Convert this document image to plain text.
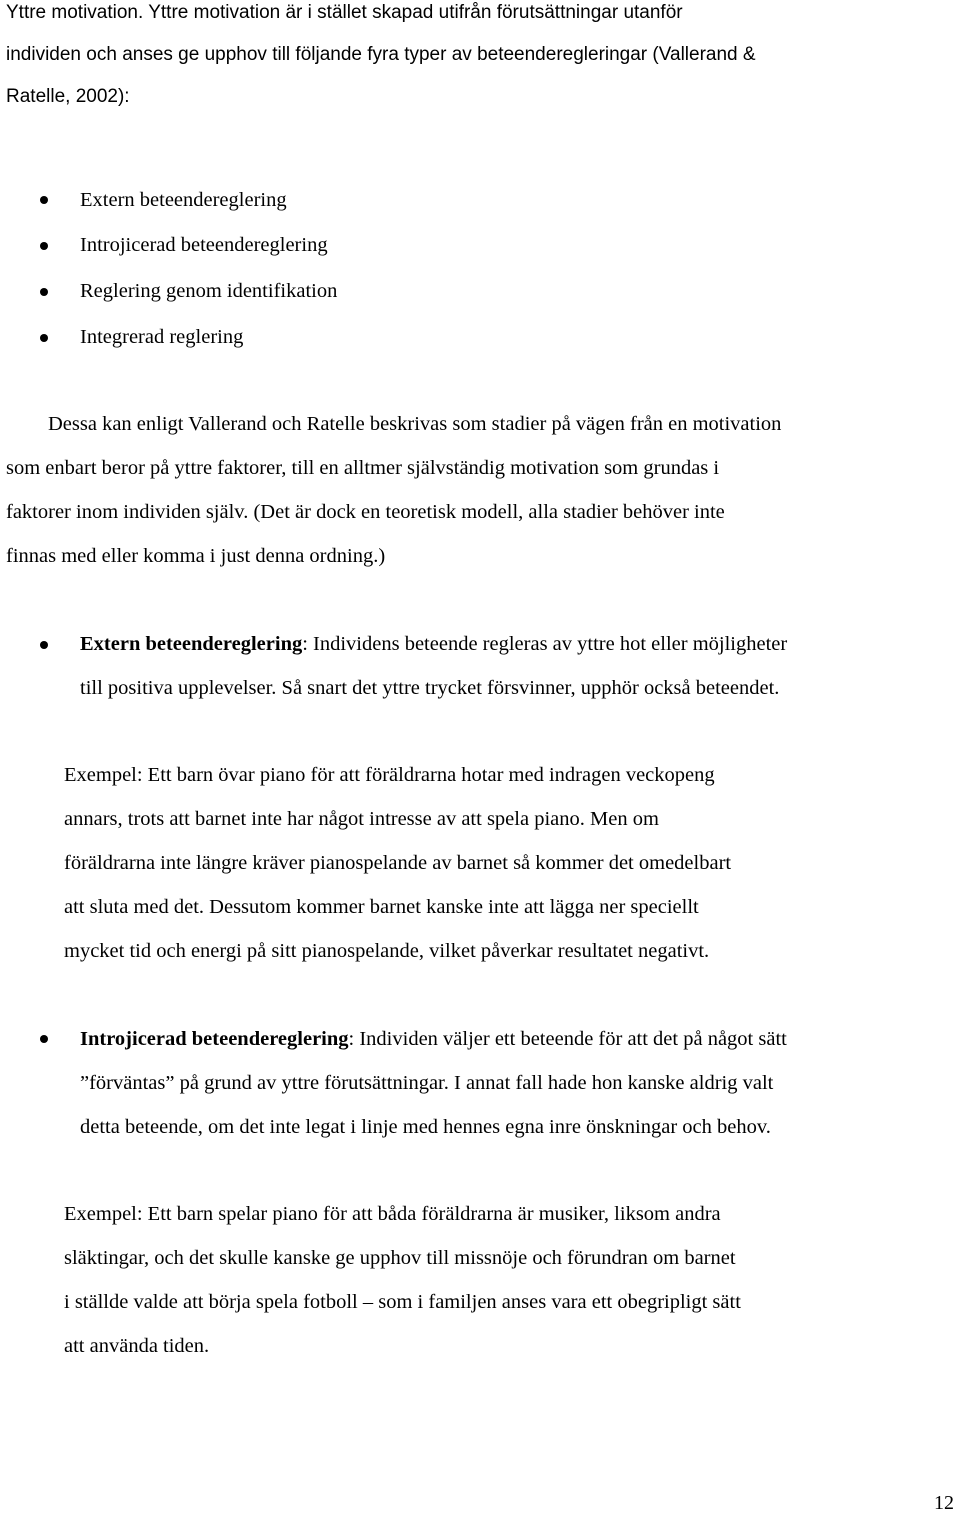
Yttre motivation. Yttre motivation är i stället skapad utifrån förutsättningar utanför
individen och anses ge upphov till följande fyra typer av beteenderegleringar (Vallerand &
Ratelle, 2002):
Extern beteendereglering
Introjicerad beteendereglering
Reglering genom identifikation
Integrerad reglering
Dessa kan enligt Vallerand och Ratelle beskrivas som stadier på vägen från en motivation
som enbart beror på yttre faktorer, till en alltmer självständig motivation som grundas i
faktorer inom individen själv. (Det är dock en teoretisk modell, alla stadier behöver inte
finnas med eller komma i just denna ordning.)
Extern beteendereglering: Individens beteende regleras av yttre hot eller möjligheter
till positiva upplevelser. Så snart det yttre trycket försvinner, upphör också beteendet.
Exempel: Ett barn övar piano för att föräldrarna hotar med indragen veckopeng
annars, trots att barnet inte har något intresse av att spela piano. Men om
föräldrarna inte längre kräver pianospelande av barnet så kommer det omedelbart
att sluta med det. Dessutom kommer barnet kanske inte att lägga ner speciellt
mycket tid och energi på sitt pianospelande, vilket påverkar resultatet negativt.
Introjicerad beteendereglering: Individen väljer ett beteende för att det på något sätt
”förväntas” på grund av yttre förutsättningar. I annat fall hade hon kanske aldrig valt
detta beteende, om det inte legat i linje med hennes egna inre önskningar och behov.
Exempel: Ett barn spelar piano för att båda föräldrarna är musiker, liksom andra
släktingar, och det skulle kanske ge upphov till missnöje och förundran om barnet
i ställde valde att börja spela fotboll – som i familjen anses vara ett obegripligt sätt
att använda tiden.
12
